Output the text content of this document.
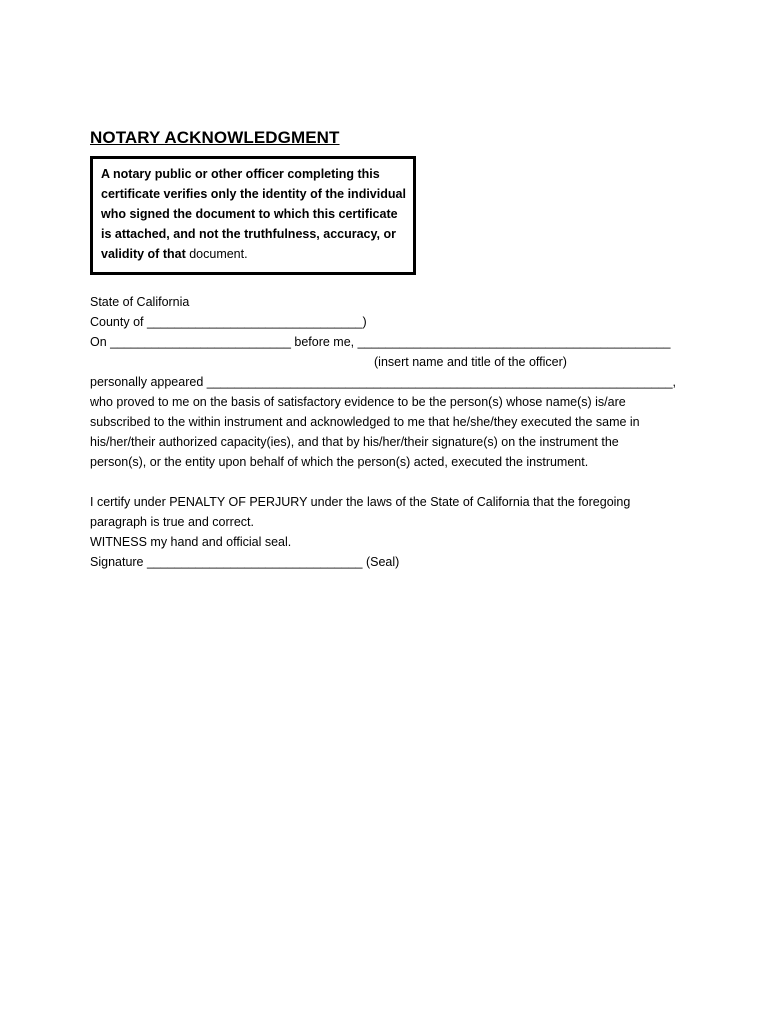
NOTARY ACKNOWLEDGMENT
A notary public or other officer completing this certificate verifies only the identity of the individual who signed the document to which this certificate is attached, and not the truthfulness, accuracy, or validity of that document.
State of California
County of _______________________________)
On __________________________ before me, _____________________________________________
(insert name and title of the officer)
personally appeared ___________________________________________________________________,
who proved to me on the basis of satisfactory evidence to be the person(s) whose name(s) is/are subscribed to the within instrument and acknowledged to me that he/she/they executed the same in his/her/their authorized capacity(ies), and that by his/her/their signature(s) on the instrument the person(s), or the entity upon behalf of which the person(s) acted, executed the instrument.
I certify under PENALTY OF PERJURY under the laws of the State of California that the foregoing paragraph is true and correct.
WITNESS my hand and official seal.
Signature _______________________________ (Seal)
